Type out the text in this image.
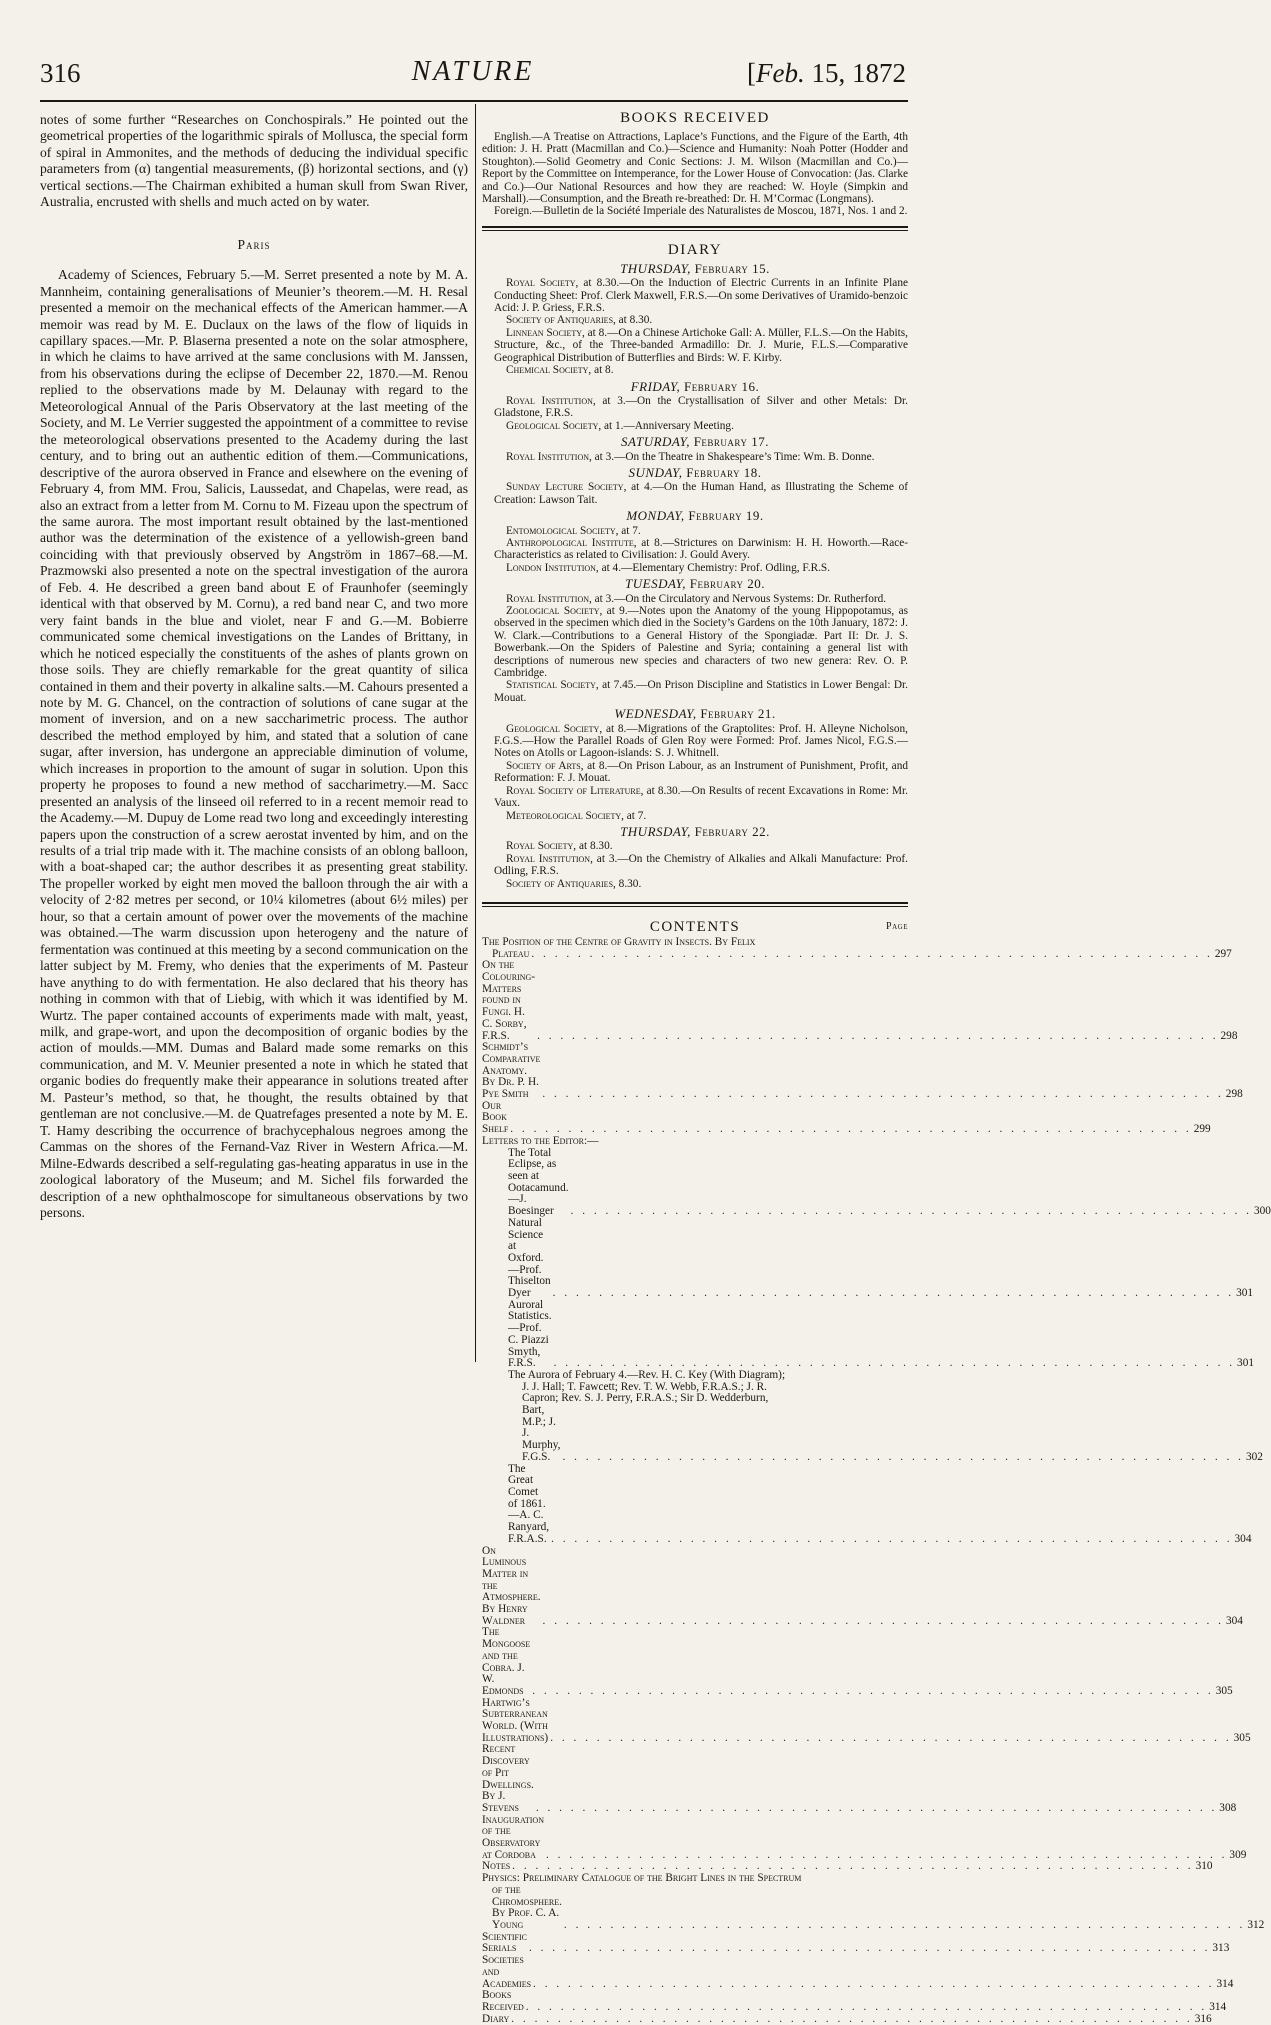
316	NATURE	[Feb. 15, 1872

notes of some further “Researches on Conchospirals.” He pointed out the geometrical properties of the logarithmic spirals of Mollusca, the special form of spiral in Ammonites, and the methods of deducing the individual specific parameters from (α) tangential measurements, (β) horizontal sections, and (γ) vertical sections.—The Chairman exhibited a human skull from Swan River, Australia, encrusted with shells and much acted on by water.

Paris

Academy of Sciences, February 5.—M. Serret presented a note by M. A. Mannheim, containing generalisations of Meunier’s theorem.—M. H. Resal presented a memoir on the mechanical effects of the American hammer.—A memoir was read by M. E. Duclaux on the laws of the flow of liquids in capillary spaces.—Mr. P. Blaserna presented a note on the solar atmosphere, in which he claims to have arrived at the same conclusions with M. Janssen, from his observations during the eclipse of December 22, 1870.—M. Renou replied to the observations made by M. Delaunay with regard to the Meteorological Annual of the Paris Observatory at the last meeting of the Society, and M. Le Verrier suggested the appointment of a committee to revise the meteorological observations presented to the Academy during the last century, and to bring out an authentic edition of them.—Communications, descriptive of the aurora observed in France and elsewhere on the evening of February 4, from MM. Frou, Salicis, Laussedat, and Chapelas, were read, as also an extract from a letter from M. Cornu to M. Fizeau upon the spectrum of the same aurora. The most important result obtained by the last-mentioned author was the determination of the existence of a yellowish-green band coinciding with that previously observed by Angström in 1867–68.—M. Prazmowski also presented a note on the spectral investigation of the aurora of Feb. 4. He described a green band about E of Fraunhofer (seemingly identical with that observed by M. Cornu), a red band near C, and two more very faint bands in the blue and violet, near F and G.—M. Bobierre communicated some chemical investigations on the Landes of Brittany, in which he noticed especially the constituents of the ashes of plants grown on those soils. They are chiefly remarkable for the great quantity of silica contained in them and their poverty in alkaline salts.—M. Cahours presented a note by M. G. Chancel, on the contraction of solutions of cane sugar at the moment of inversion, and on a new saccharimetric process. The author described the method employed by him, and stated that a solution of cane sugar, after inversion, has undergone an appreciable diminution of volume, which increases in proportion to the amount of sugar in solution. Upon this property he proposes to found a new method of saccharimetry.—M. Sacc presented an analysis of the linseed oil referred to in a recent memoir read to the Academy.—M. Dupuy de Lome read two long and exceedingly interesting papers upon the construction of a screw aerostat invented by him, and on the results of a trial trip made with it. The machine consists of an oblong balloon, with a boat-shaped car; the author describes it as presenting great stability. The propeller worked by eight men moved the balloon through the air with a velocity of 2·82 metres per second, or 10¼ kilometres (about 6½ miles) per hour, so that a certain amount of power over the movements of the machine was obtained.—The warm discussion upon heterogeny and the nature of fermentation was continued at this meeting by a second communication on the latter subject by M. Fremy, who denies that the experiments of M. Pasteur have anything to do with fermentation. He also declared that his theory has nothing in common with that of Liebig, with which it was identified by M. Wurtz. The paper contained accounts of experiments made with malt, yeast, milk, and grape-wort, and upon the decomposition of organic bodies by the action of moulds.—MM. Dumas and Balard made some remarks on this communication, and M. V. Meunier presented a note in which he stated that organic bodies do frequently make their appearance in solutions treated after M. Pasteur’s method, so that, he thought, the results obtained by that gentleman are not conclusive.—M. de Quatrefages presented a note by M. E. T. Hamy describing the occurrence of brachycephalous negroes among the Cammas on the shores of the Fernand-Vaz River in Western Africa.—M. Milne-Edwards described a self-regulating gas-heating apparatus in use in the zoological laboratory of the Museum; and M. Sichel fils forwarded the description of a new ophthalmoscope for simultaneous observations by two persons.

BOOKS RECEIVED

English.—A Treatise on Attractions, Laplace’s Functions, and the Figure of the Earth, 4th edition: J. H. Pratt (Macmillan and Co.)—Science and Humanity: Noah Potter (Hodder and Stoughton).—Solid Geometry and Conic Sections: J. M. Wilson (Macmillan and Co.)—Report by the Committee on Intemperance, for the Lower House of Convocation: (Jas. Clarke and Co.)—Our National Resources and how they are reached: W. Hoyle (Simpkin and Marshall).—Consumption, and the Breath re-breathed: Dr. H. M’Cormac (Longmans).

Foreign.—Bulletin de la Société Imperiale des Naturalistes de Moscou, 1871, Nos. 1 and 2.

DIARY
THURSDAY, February 15.

Royal Society, at 8.30.—On the Induction of Electric Currents in an Infinite Plane Conducting Sheet: Prof. Clerk Maxwell, F.R.S.—On some Derivatives of Uramido-benzoic Acid: J. P. Griess, F.R.S.

Society of Antiquaries, at 8.30.

Linnean Society, at 8.—On a Chinese Artichoke Gall: A. Müller, F.L.S.—On the Habits, Structure, &c., of the Three-banded Armadillo: Dr. J. Murie, F.L.S.—Comparative Geographical Distribution of Butterflies and Birds: W. F. Kirby.

Chemical Society, at 8.

FRIDAY, February 16.

Royal Institution, at 3.—On the Crystallisation of Silver and other Metals: Dr. Gladstone, F.R.S.

Geological Society, at 1.—Anniversary Meeting.

SATURDAY, February 17.

Royal Institution, at 3.—On the Theatre in Shakespeare’s Time: Wm. B. Donne.

SUNDAY, February 18.

Sunday Lecture Society, at 4.—On the Human Hand, as Illustrating the Scheme of Creation: Lawson Tait.

MONDAY, February 19.

Entomological Society, at 7.

Anthropological Institute, at 8.—Strictures on Darwinism: H. H. Howorth.—Race-Characteristics as related to Civilisation: J. Gould Avery.

London Institution, at 4.—Elementary Chemistry: Prof. Odling, F.R.S.

TUESDAY, February 20.

Royal Institution, at 3.—On the Circulatory and Nervous Systems: Dr. Rutherford.

Zoological Society, at 9.—Notes upon the Anatomy of the young Hippopotamus, as observed in the specimen which died in the Society’s Gardens on the 10th January, 1872: J. W. Clark.—Contributions to a General History of the Spongiadæ. Part II: Dr. J. S. Bowerbank.—On the Spiders of Palestine and Syria; containing a general list with descriptions of numerous new species and characters of two new genera: Rev. O. P. Cambridge.

Statistical Society, at 7.45.—On Prison Discipline and Statistics in Lower Bengal: Dr. Mouat.

WEDNESDAY, February 21.

Geological Society, at 8.—Migrations of the Graptolites: Prof. H. Alleyne Nicholson, F.G.S.—How the Parallel Roads of Glen Roy were Formed: Prof. James Nicol, F.G.S.—Notes on Atolls or Lagoon-islands: S. J. Whitnell.

Society of Arts, at 8.—On Prison Labour, as an Instrument of Punishment, Profit, and Reformation: F. J. Mouat.

Royal Society of Literature, at 8.30.—On Results of recent Excavations in Rome: Mr. Vaux.

Meteorological Society, at 7.

THURSDAY, February 22.

Royal Society, at 8.30.

Royal Institution, at 3.—On the Chemistry of Alkalies and Alkali Manufacture: Prof. Odling, F.R.S.

Society of Antiquaries, 8.30.

CONTENTS	Page
The Position of the Centre of Gravity in Insects. By Felix
Plateau . . . . . . . . . . . . . . . . . . . . . . . . . . . . . . . . . . . . . . . . . . . . . . . . . . . . . . . . . . . 297
On the Colouring-Matters found in Fungi. H. C. Sorby, F.R.S.	. . . . . . . . . . . . . . . . . . . . . . . . . . . . . . . . . . . . . . . . . . . . . . . . . . . . . . . . . . . 298
Schmidt’s Comparative Anatomy. By Dr. P. H. Pye Smith	. . . . . . . . . . . . . . . . . . . . . . . . . . . . . . . . . . . . . . . . . . . . . . . . . . . . . . . . . . . 298
Our Book Shelf . . . . . . . . . . . . . . . . . . . . . . . . . . . . . . . . . . . . . . . . . . . . . . . . . . . . . . . . . . . 299
Letters to the Editor:—
The Total Eclipse, as seen at Ootacamund.—J. Boesinger	. . . . . . . . . . . . . . . . . . . . . . . . . . . . . . . . . . . . . . . . . . . . . . . . . . . . . . . . . . . 300
Natural Science at Oxford.—Prof. Thiselton Dyer	. . . . . . . . . . . . . . . . . . . . . . . . . . . . . . . . . . . . . . . . . . . . . . . . . . . . . . . . . . . 301
Auroral Statistics.—Prof. C. Piazzi Smyth, F.R.S.	. . . . . . . . . . . . . . . . . . . . . . . . . . . . . . . . . . . . . . . . . . . . . . . . . . . . . . . . . . . 301
The Aurora of February 4.—Rev. H. C. Key (With Diagram);
J. J. Hall; T. Fawcett; Rev. T. W. Webb, F.R.A.S.; J. R.
Capron; Rev. S. J. Perry, F.R.A.S.; Sir D. Wedderburn,
Bart, M.P.; J. J. Murphy, F.G.S.	. . . . . . . . . . . . . . . . . . . . . . . . . . . . . . . . . . . . . . . . . . . . . . . . . . . . . . . . . . . 302
The Great Comet of 1861.—A. C. Ranyard, F.R.A.S. . . . . . . . . . . . . . . . . . . . . . . . . . . . . . . . . . . . . . . . . . . . . . . . . . . . . . . . . . . . 304
On Luminous Matter in the Atmosphere. By Henry Waldner	. . . . . . . . . . . . . . . . . . . . . . . . . . . . . . . . . . . . . . . . . . . . . . . . . . . . . . . . . . . 304
The Mongoose and the Cobra. J. W. Edmonds . . . . . . . . . . . . . . . . . . . . . . . . . . . . . . . . . . . . . . . . . . . . . . . . . . . . . . . . . . . 305
Hartwig’s Subterranean World. (With Illustrations) . . . . . . . . . . . . . . . . . . . . . . . . . . . . . . . . . . . . . . . . . . . . . . . . . . . . . . . . . . . 305
Recent Discovery of Pit Dwellings. By J. Stevens	. . . . . . . . . . . . . . . . . . . . . . . . . . . . . . . . . . . . . . . . . . . . . . . . . . . . . . . . . . . 308
Inauguration of the Observatory at Cordoba . . . . . . . . . . . . . . . . . . . . . . . . . . . . . . . . . . . . . . . . . . . . . . . . . . . . . . . . . . . 309
Notes . . . . . . . . . . . . . . . . . . . . . . . . . . . . . . . . . . . . . . . . . . . . . . . . . . . . . . . . . . . 310
Physics: Preliminary Catalogue of the Bright Lines in the Spectrum
of the Chromosphere. By Prof. C. A. Young	. . . . . . . . . . . . . . . . . . . . . . . . . . . . . . . . . . . . . . . . . . . . . . . . . . . . . . . . . . . 312
Scientific Serials	. . . . . . . . . . . . . . . . . . . . . . . . . . . . . . . . . . . . . . . . . . . . . . . . . . . . . . . . . . . 313
Societies and Academies . . . . . . . . . . . . . . . . . . . . . . . . . . . . . . . . . . . . . . . . . . . . . . . . . . . . . . . . . . . 314
Books Received . . . . . . . . . . . . . . . . . . . . . . . . . . . . . . . . . . . . . . . . . . . . . . . . . . . . . . . . . . . 314
Diary . . . . . . . . . . . . . . . . . . . . . . . . . . . . . . . . . . . . . . . . . . . . . . . . . . . . . . . . . . . 316
